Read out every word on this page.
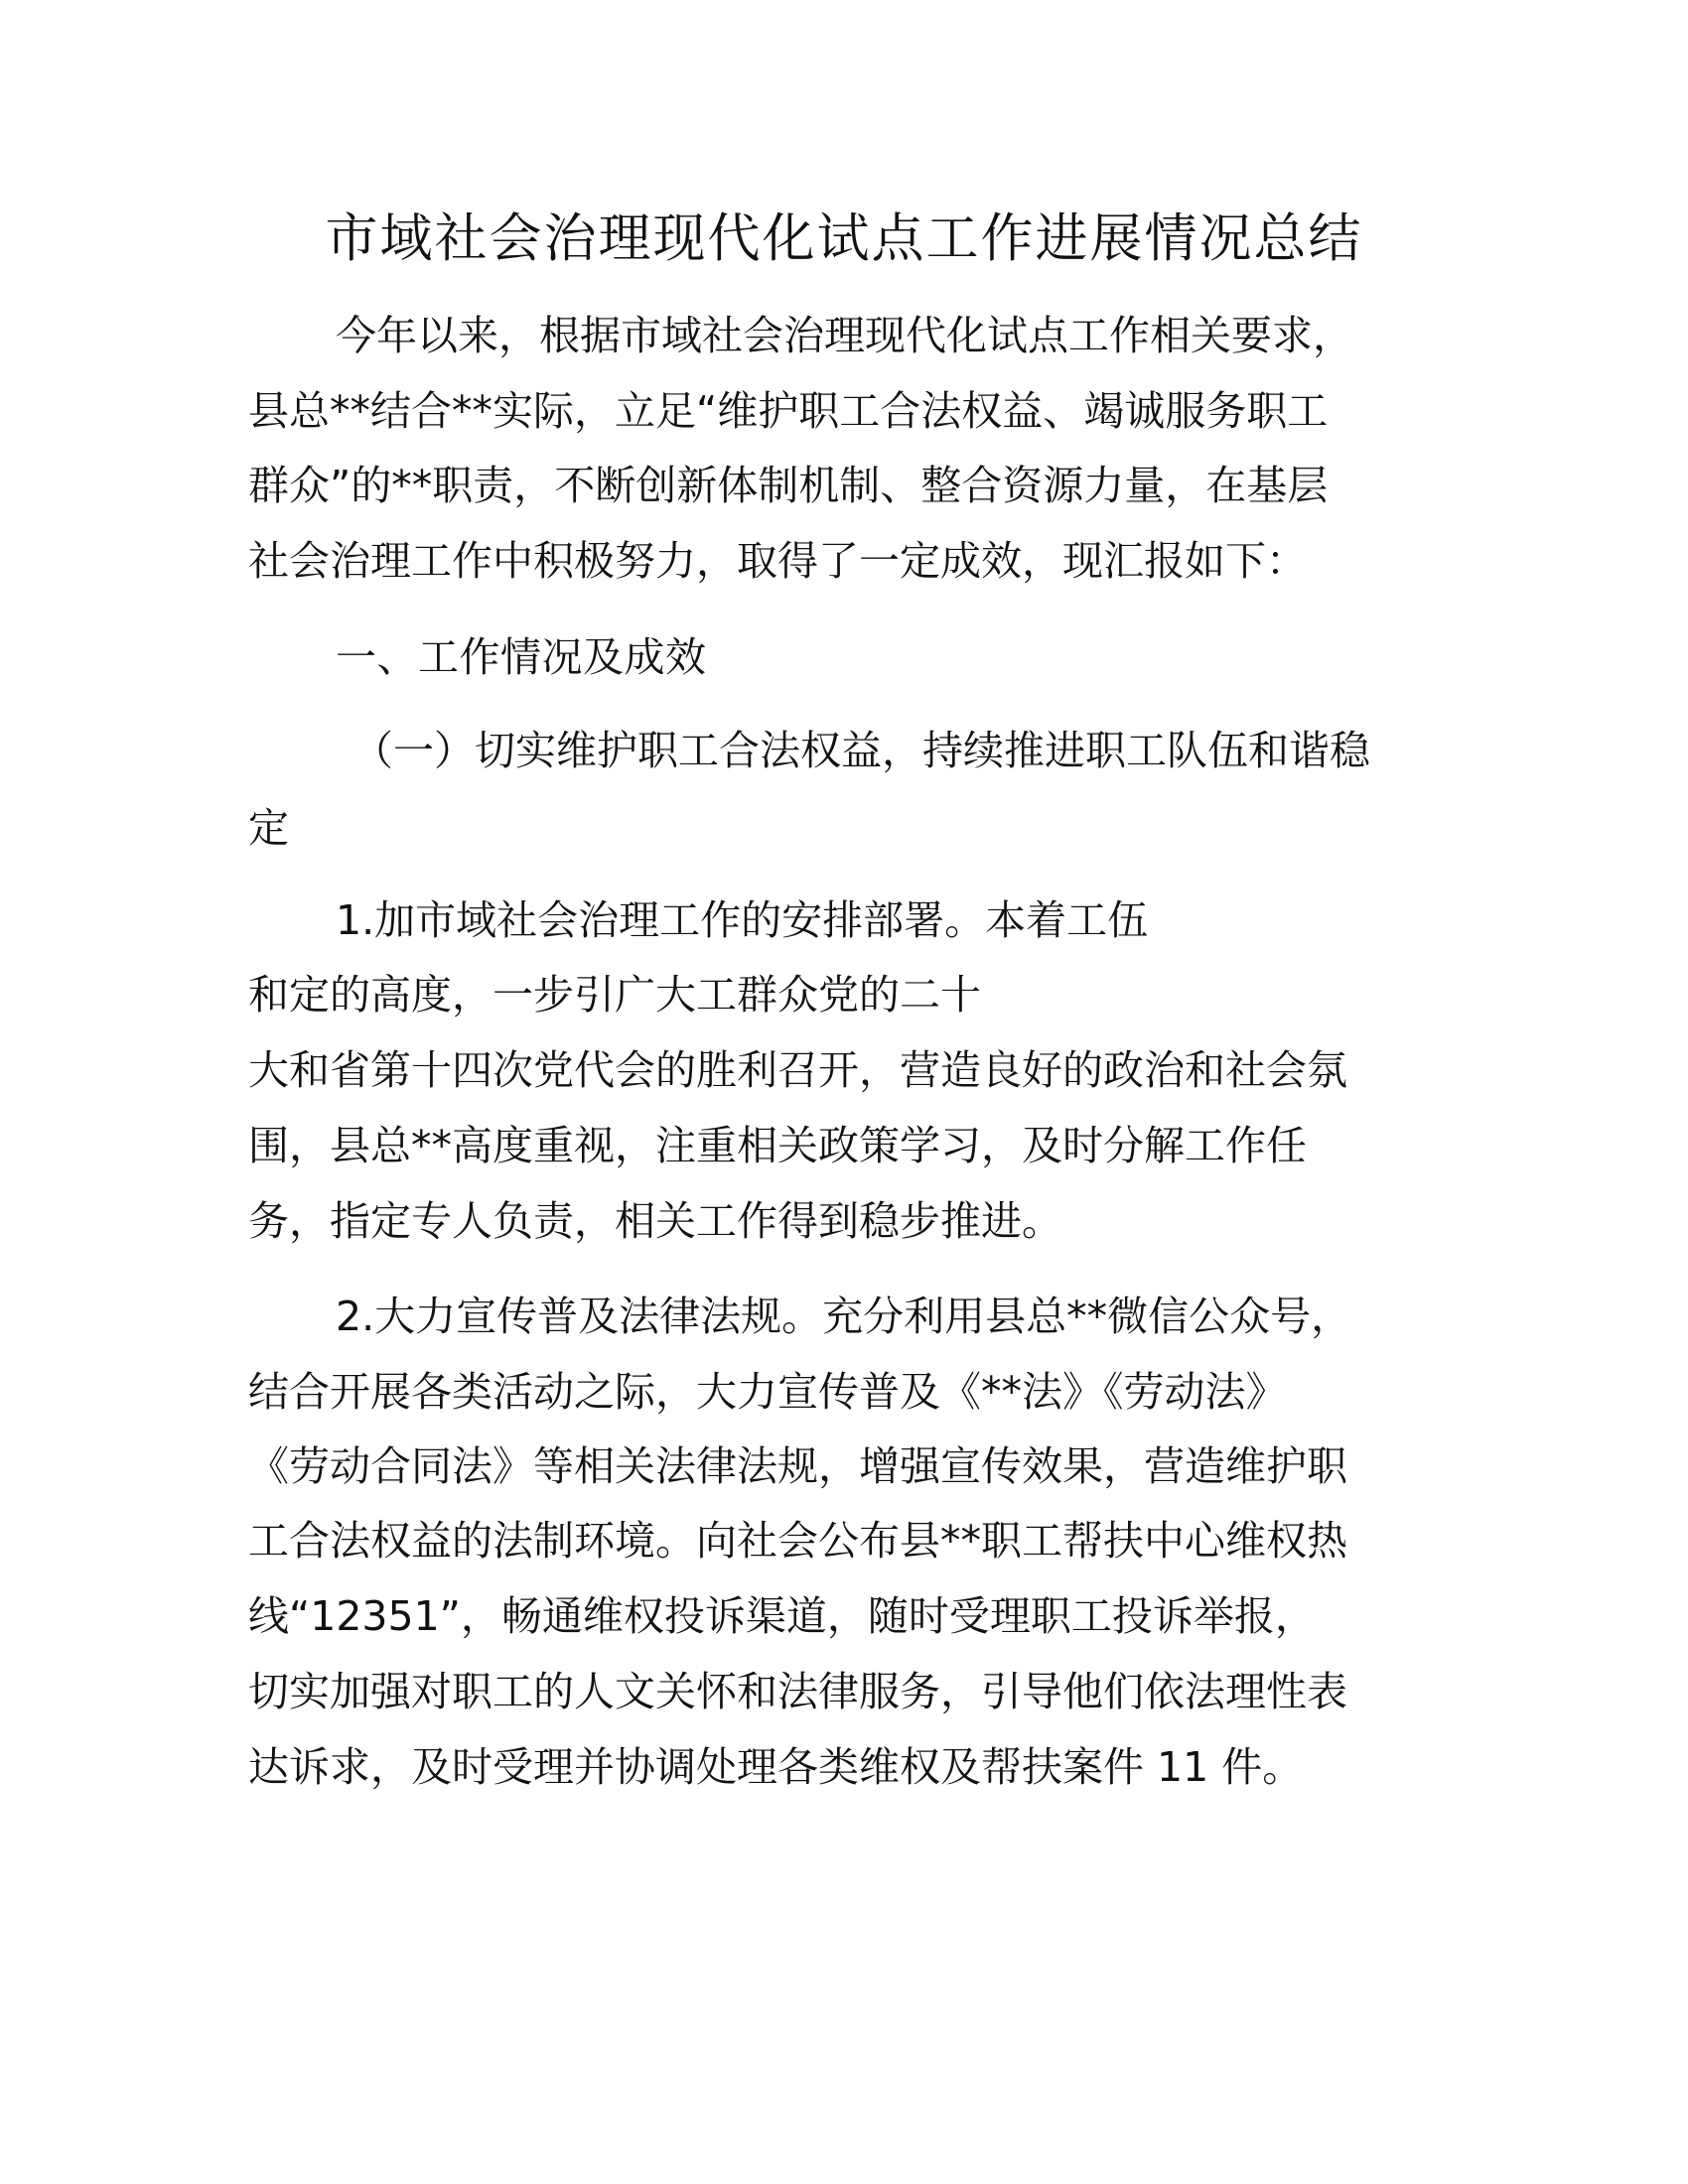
市域社会治理现代化试点工作进展情况总结
今年以来，根据市域社会治理现代化试点工作相关要求，
县总**结合**实际，立足“维护职工合法权益、竭诚服务职工
群众”的**职责，不断创新体制机制、整合资源力量，在基层
社会治理工作中积极努力，取得了一定成效，现汇报如下：
一、工作情况及成效
（一）切实维护职工合法权益，持续推进职工队伍和谐稳
定
1.加市域社会治理工作的安排部署。本着工伍
和定的高度，一步引广大工群众党的二十
大和省第十四次党代会的胜利召开，营造良好的政治和社会氛
围，县总**高度重视，注重相关政策学习，及时分解工作任
务，指定专人负责，相关工作得到稳步推进。
2.大力宣传普及法律法规。充分利用县总**微信公众号，
结合开展各类活动之际，大力宣传普及《**法》《劳动法》
《劳动合同法》等相关法律法规，增强宣传效果，营造维护职
工合法权益的法制环境。向社会公布县**职工帮扶中心维权热
线“12351”，畅通维权投诉渠道，随时受理职工投诉举报，
切实加强对职工的人文关怀和法律服务，引导他们依法理性表
达诉求，及时受理并协调处理各类维权及帮扶案件 11 件。
